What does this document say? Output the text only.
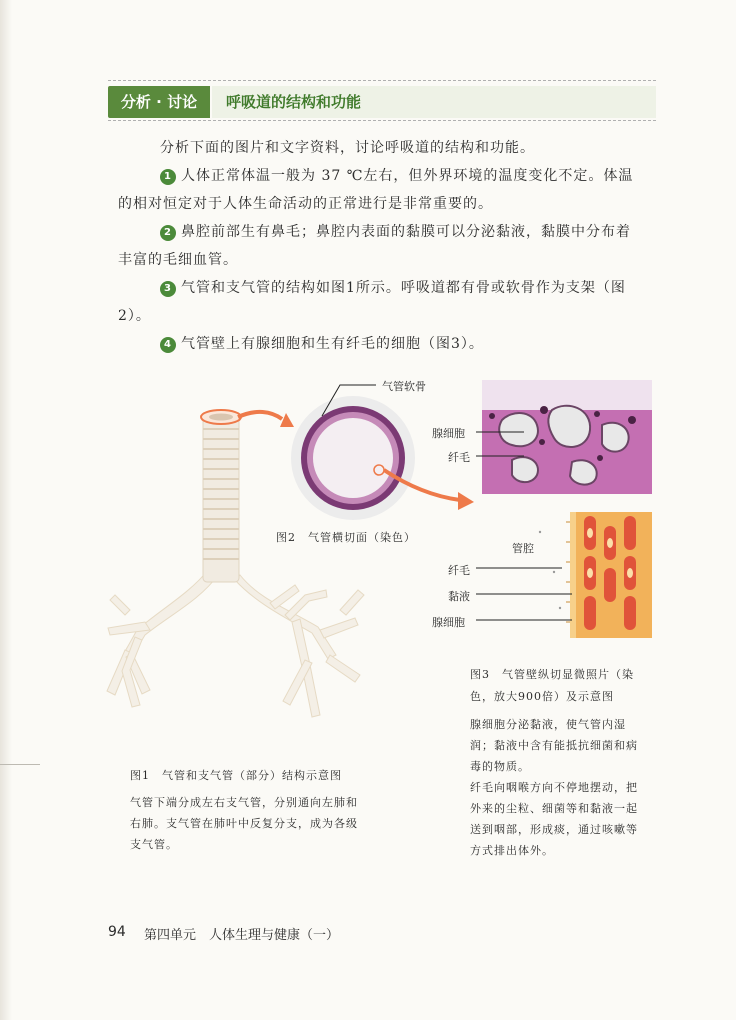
分析 · 讨论	呼吸道的结构和功能
分析下面的图片和文字资料，讨论呼吸道的结构和功能。
1 人体正常体温一般为 37 ℃左右，但外界环境的温度变化不定。体温的相对恒定对于人体生命活动的正常进行是非常重要的。
2 鼻腔前部生有鼻毛；鼻腔内表面的黏膜可以分泌黏液，黏膜中分布着丰富的毛细血管。
3 气管和支气管的结构如图1所示。呼吸道都有骨或软骨作为支架（图2）。
4 气管壁上有腺细胞和生有纤毛的细胞（图3）。
气管软骨
图2　气管横切面（染色）
腺细胞
纤毛
管腔
纤毛
黏液
腺细胞
图3　气管壁纵切显微照片（染色，放大900倍）及示意图
腺细胞分泌黏液，使气管内湿润；黏液中含有能抵抗细菌和病毒的物质。
纤毛向咽喉方向不停地摆动，把外来的尘粒、细菌等和黏液一起送到咽部，形成痰，通过咳嗽等方式排出体外。
图1　气管和支气管（部分）结构示意图
气管下端分成左右支气管，分别通向左肺和右肺。支气管在肺叶中反复分支，成为各级支气管。
94 第四单元　人体生理与健康（一）
